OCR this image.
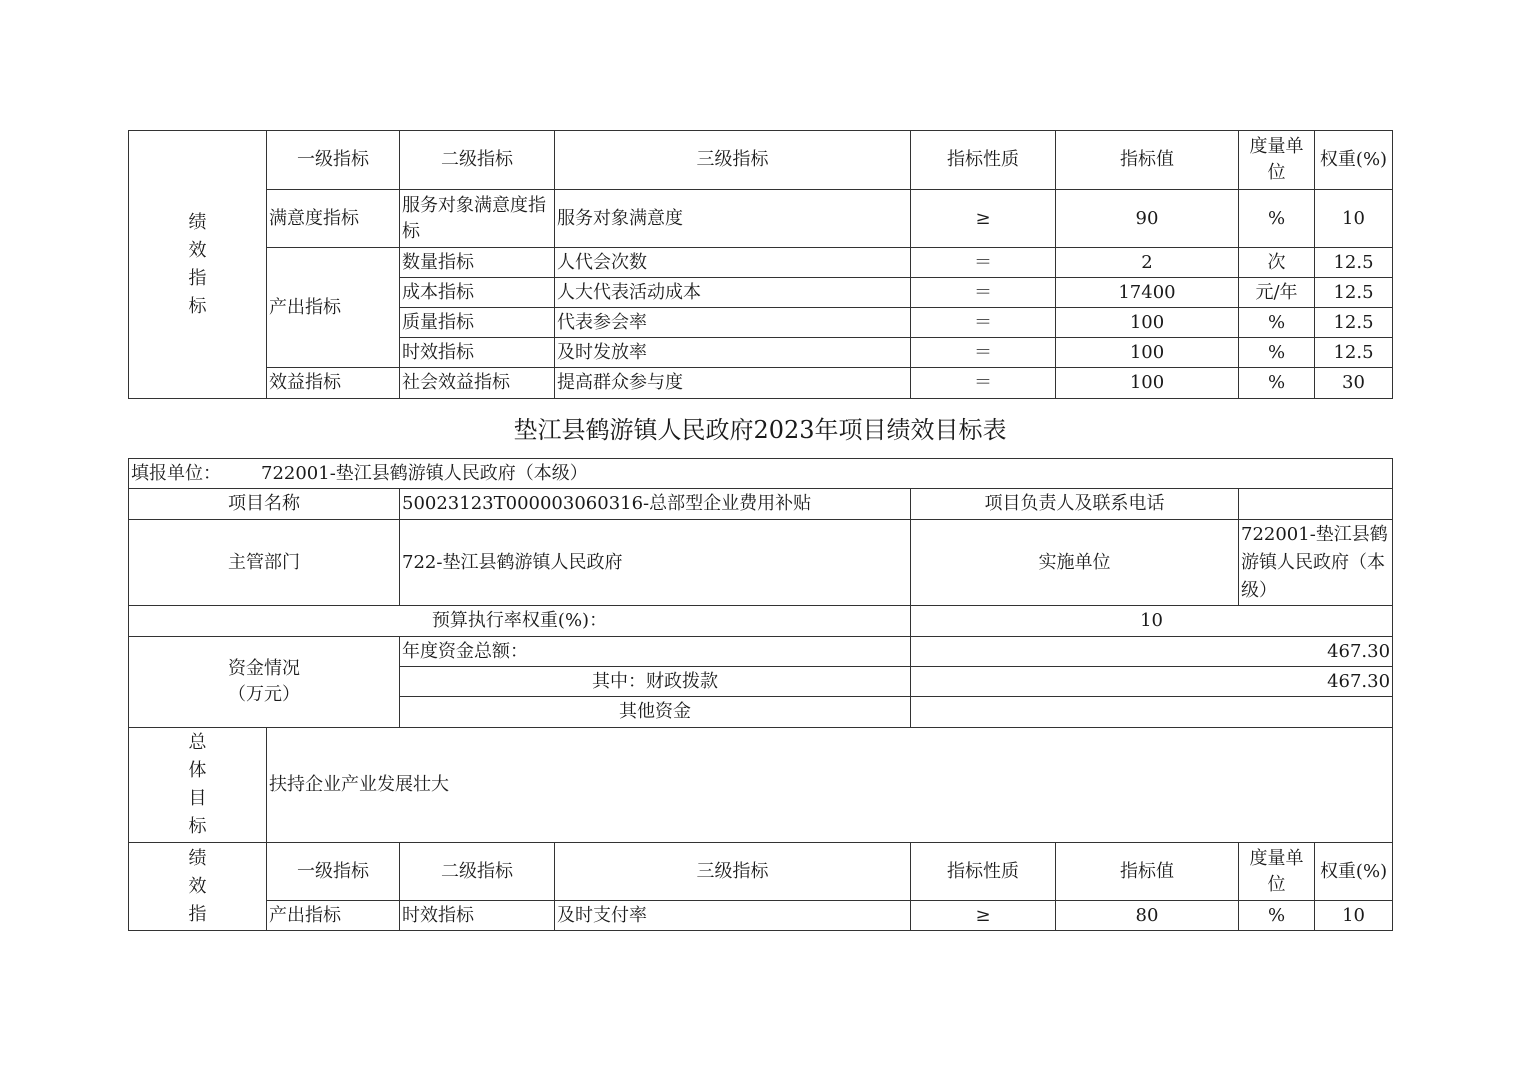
绩
效
指
标	一级指标	二级指标	三级指标	指标性质	指标值	度量单位	权重(%)
	满意度指标	服务对象满意度指标	服务对象满意度	≥	90	%	10
	产出指标	数量指标	人代会次数	＝	2	次	12.5
		成本指标	人大代表活动成本	＝	17400	元/年	12.5
		质量指标	代表参会率	＝	100	%	12.5
		时效指标	及时发放率	＝	100	%	12.5
	效益指标	社会效益指标	提高群众参与度	＝	100	%	30
垫江县鹤游镇人民政府2023年项目绩效目标表
填报单位： 722001-垫江县鹤游镇人民政府（本级）							
项目名称		50023123T000003060316-总部型企业费用补贴		项目负责人及联系电话			
主管部门		722-垫江县鹤游镇人民政府		实施单位		722001-垫江县鹤游镇人民政府（本级）	
预算执行率权重(%)：				10			
资金情况
（万元）		年度资金总额：		467.30			
		其中：财政拨款		467.30			
		其他资金					
总
体
目
标	扶持企业产业发展壮大						
绩
效
指	一级指标	二级指标	三级指标	指标性质	指标值	度量单位	权重(%)
	产出指标	时效指标	及时支付率	≥	80	%	10
